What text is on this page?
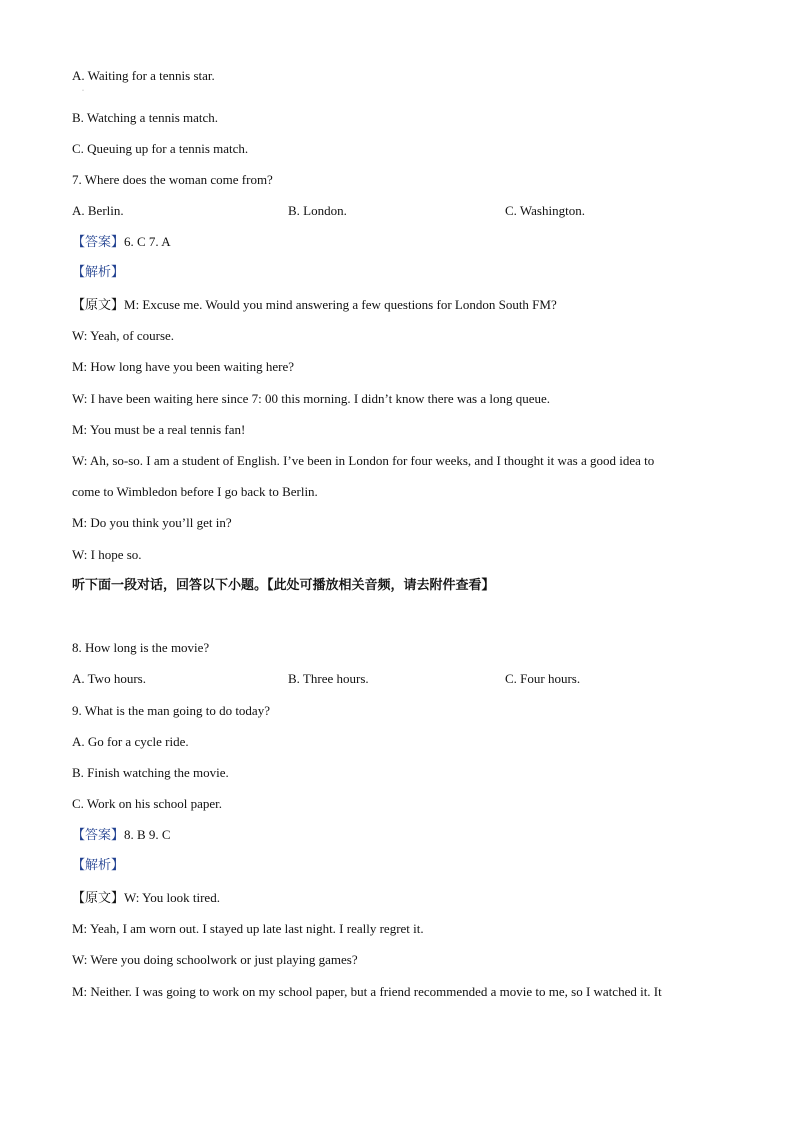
A. Waiting for a tennis star.
·
B. Watching a tennis match.
C. Queuing up for a tennis match.
7. Where does the woman come from?
A. Berlin.	B. London.	C. Washington.
【答案】6. C 7. A
【解析】
【原文】M: Excuse me. Would you mind answering a few questions for London South FM?
W: Yeah, of course.
M: How long have you been waiting here?
W: I have been waiting here since 7: 00 this morning. I didn’t know there was a long queue.
M: You must be a real tennis fan!
W: Ah, so-so. I am a student of English. I’ve been in London for four weeks, and I thought it was a good idea to
come to Wimbledon before I go back to Berlin.
M: Do you think you’ll get in?
W: I hope so.
听下面一段对话，回答以下小题。【此处可播放相关音频，请去附件查看】
8. How long is the movie?
A. Two hours.	B. Three hours.	C. Four hours.
9. What is the man going to do today?
A. Go for a cycle ride.
B. Finish watching the movie.
C. Work on his school paper.
【答案】8. B 9. C
【解析】
【原文】W: You look tired.
M: Yeah, I am worn out. I stayed up late last night. I really regret it.
W: Were you doing schoolwork or just playing games?
M: Neither. I was going to work on my school paper, but a friend recommended a movie to me, so I watched it. It
